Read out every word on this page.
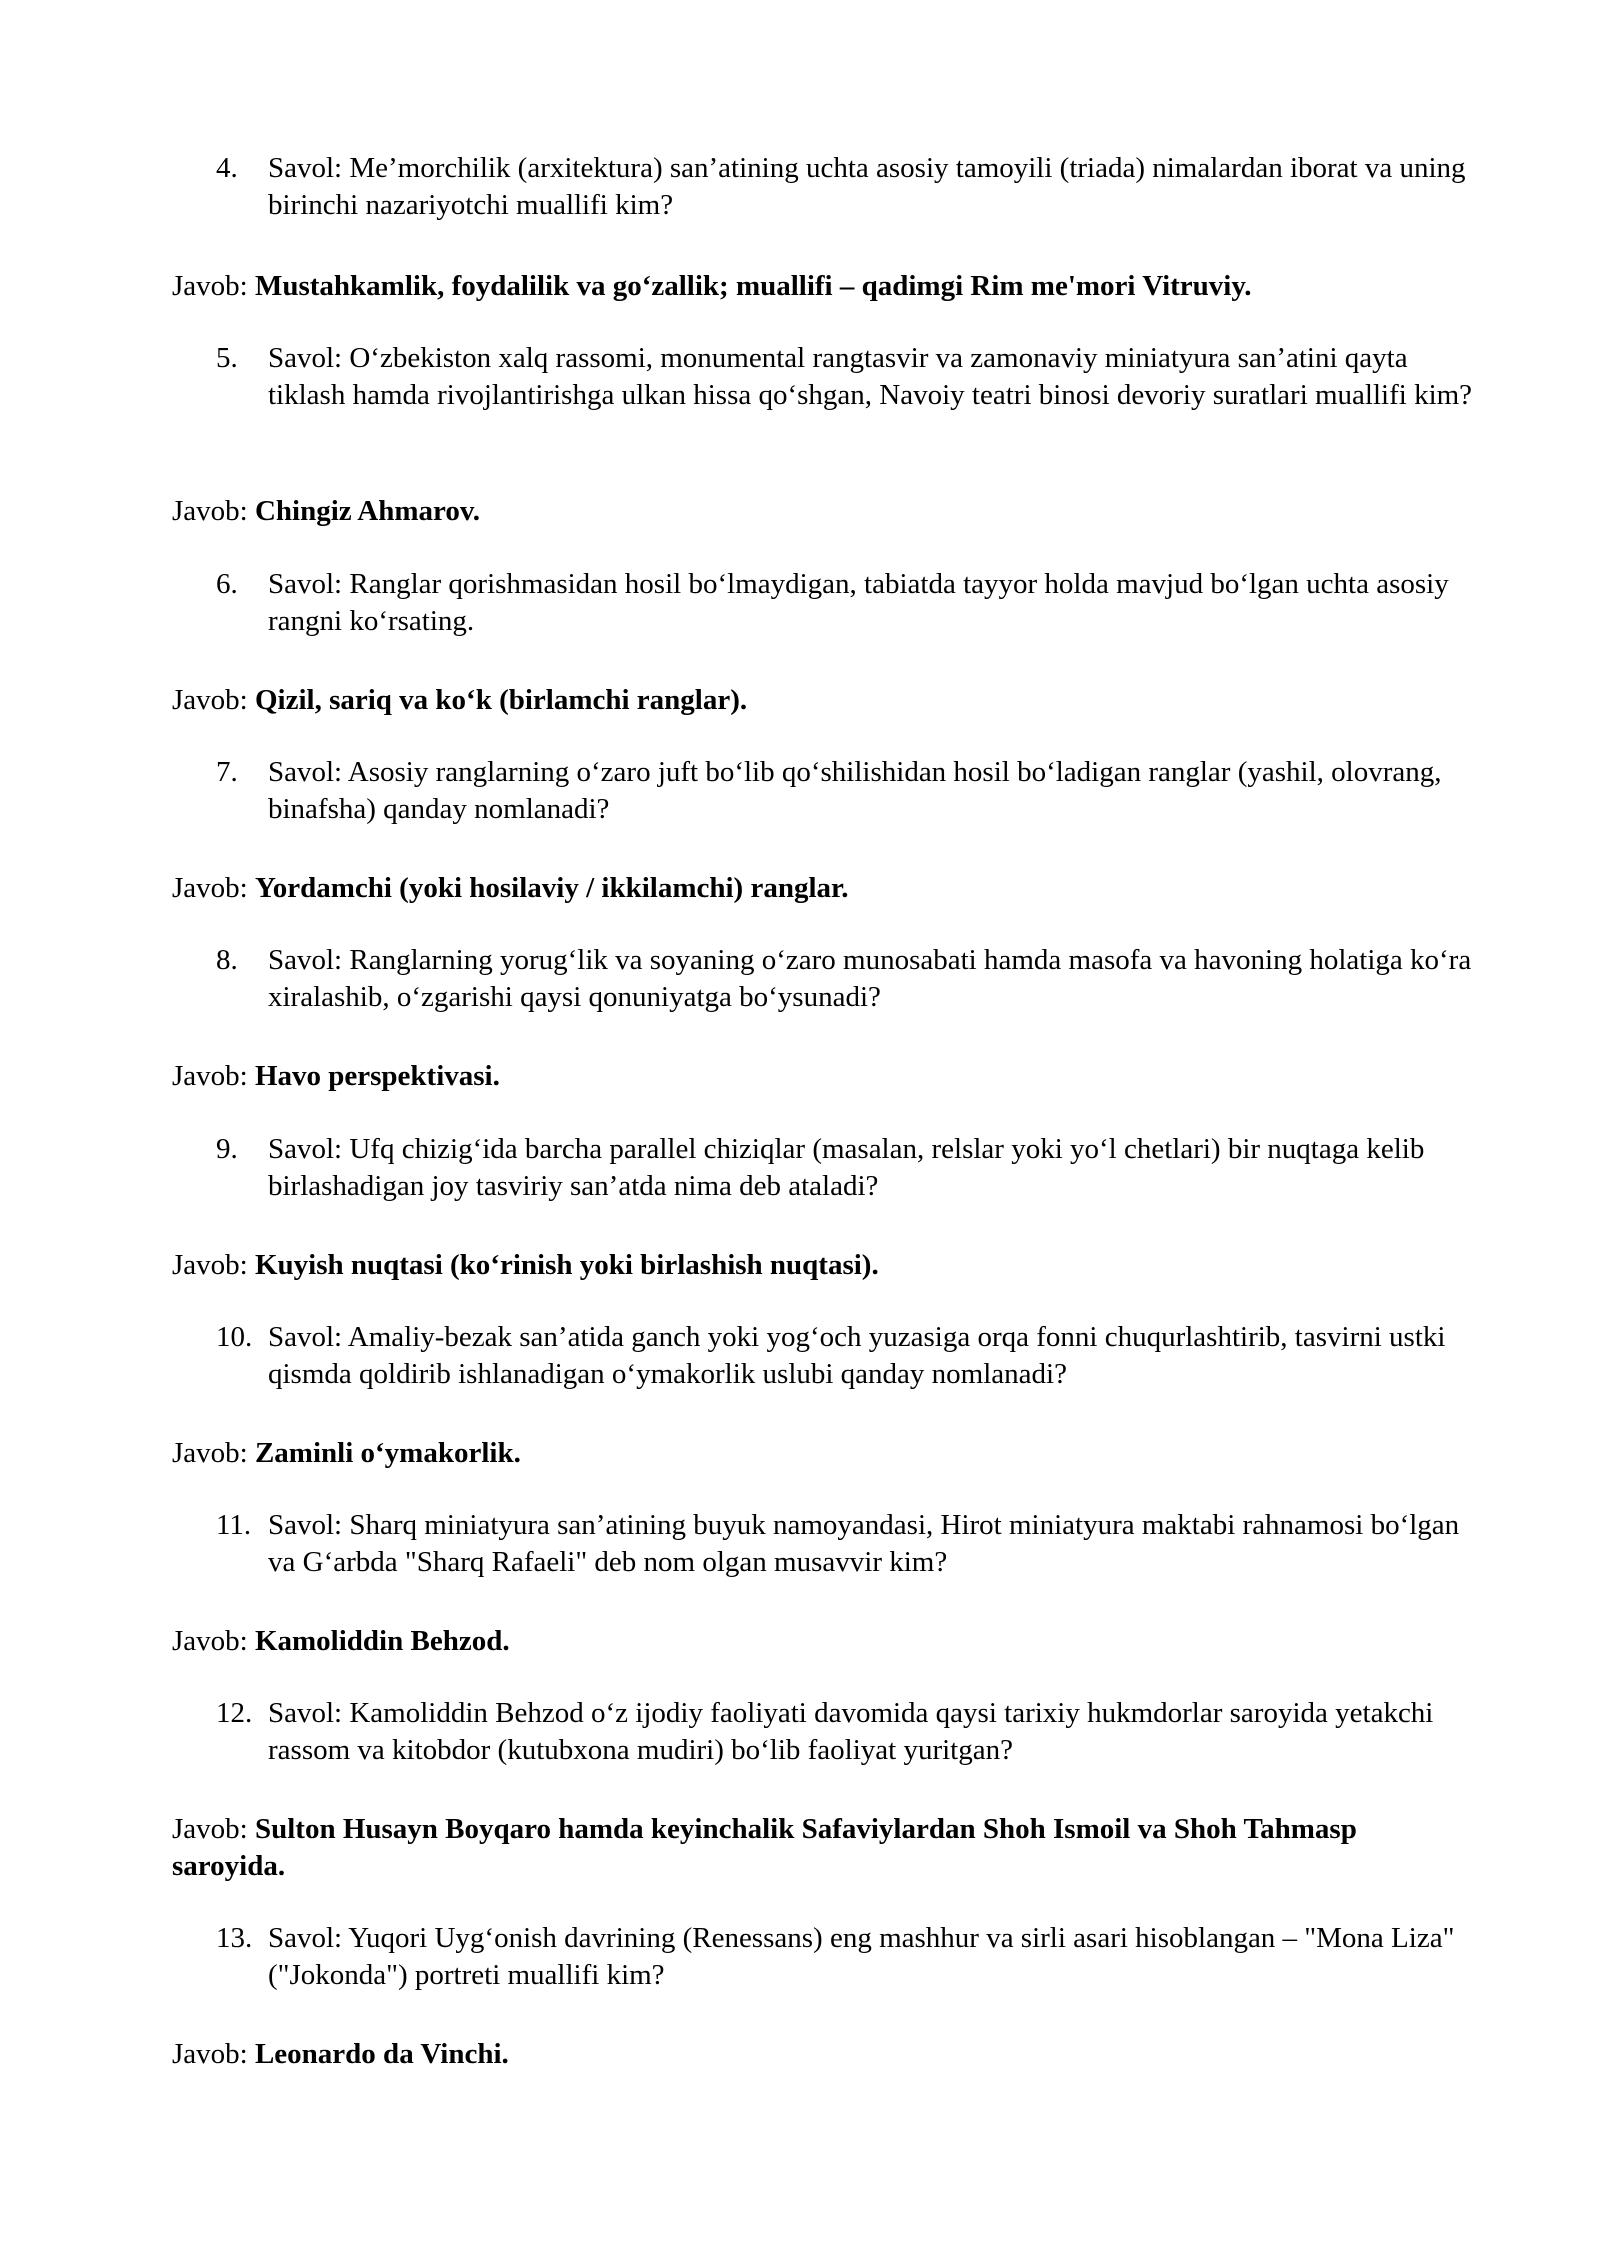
4. Savol: Me’morchilik (arxitektura) san’atining uchta asosiy tamoyili (triada) nimalardan iborat va uning birinchi nazariyotchi muallifi kim?
Javob: Mustahkamlik, foydalilik va go‘zallik; muallifi – qadimgi Rim me'mori Vitruviy.
5. Savol: O‘zbekiston xalq rassomi, monumental rangtasvir va zamonaviy miniatyura san’atini qayta tiklash hamda rivojlantirishga ulkan hissa qo‘shgan, Navoiy teatri binosi devoriy suratlari muallifi kim?
Javob: Chingiz Ahmarov.
6. Savol: Ranglar qorishmasidan hosil bo‘lmaydigan, tabiatda tayyor holda mavjud bo‘lgan uchta asosiy rangni ko‘rsating.
Javob: Qizil, sariq va ko‘k (birlamchi ranglar).
7. Savol: Asosiy ranglarning o‘zaro juft bo‘lib qo‘shilishidan hosil bo‘ladigan ranglar (yashil, olovrang, binafsha) qanday nomlanadi?
Javob: Yordamchi (yoki hosilaviy / ikkilamchi) ranglar.
8. Savol: Ranglarning yorug‘lik va soyaning o‘zaro munosabati hamda masofa va havoning holatiga ko‘ra xiralashib, o‘zgarishi qaysi qonuniyatga bo‘ysunadi?
Javob: Havo perspektivasi.
9. Savol: Ufq chizig‘ida barcha parallel chiziqlar (masalan, relslar yoki yo‘l chetlari) bir nuqtaga kelib birlashadigan joy tasviriy san’atda nima deb ataladi?
Javob: Kuyish nuqtasi (ko‘rinish yoki birlashish nuqtasi).
10. Savol: Amaliy-bezak san’atida ganch yoki yog‘och yuzasiga orqa fonni chuqurlashtirib, tasvirni ustki qismda qoldirib ishlanadigan o‘ymakorlik uslubi qanday nomlanadi?
Javob: Zaminli o‘ymakorlik.
11. Savol: Sharq miniatyura san’atining buyuk namoyandasi, Hirot miniatyura maktabi rahnamosi bo‘lgan va G‘arbda "Sharq Rafaeli" deb nom olgan musavvir kim?
Javob: Kamoliddin Behzod.
12. Savol: Kamoliddin Behzod o‘z ijodiy faoliyati davomida qaysi tarixiy hukmdorlar saroyida yetakchi rassom va kitobdor (kutubxona mudiri) bo‘lib faoliyat yuritgan?
Javob: Sulton Husayn Boyqaro hamda keyinchalik Safaviylardan Shoh Ismoil va Shoh Tahmasp saroyida.
13. Savol: Yuqori Uyg‘onish davrining (Renessans) eng mashhur va sirli asari hisoblangan – "Mona Liza" ("Jokonda") portreti muallifi kim?
Javob: Leonardo da Vinchi.
